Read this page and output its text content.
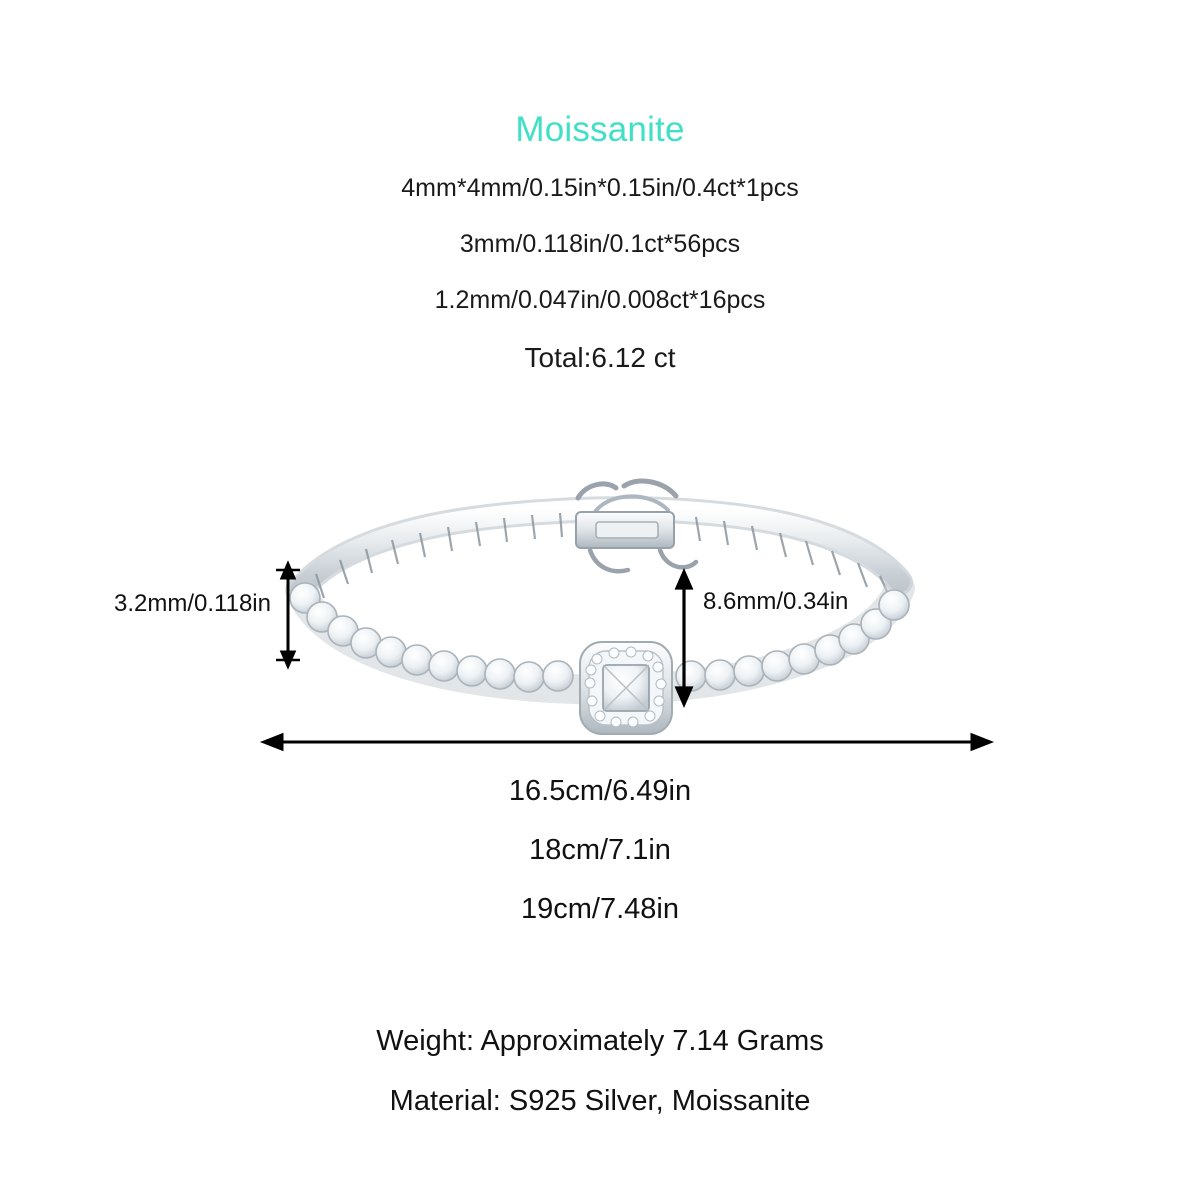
Moissanite
4mm*4mm/0.15in*0.15in/0.4ct*1pcs
3mm/0.118in/0.1ct*56pcs
1.2mm/0.047in/0.008ct*16pcs
Total:6.12 ct
3.2mm/0.118in	8.6mm/0.34in
16.5cm/6.49in
18cm/7.1in
19cm/7.48in
Weight: Approximately 7.14 Grams
Material: S925 Silver, Moissanite
